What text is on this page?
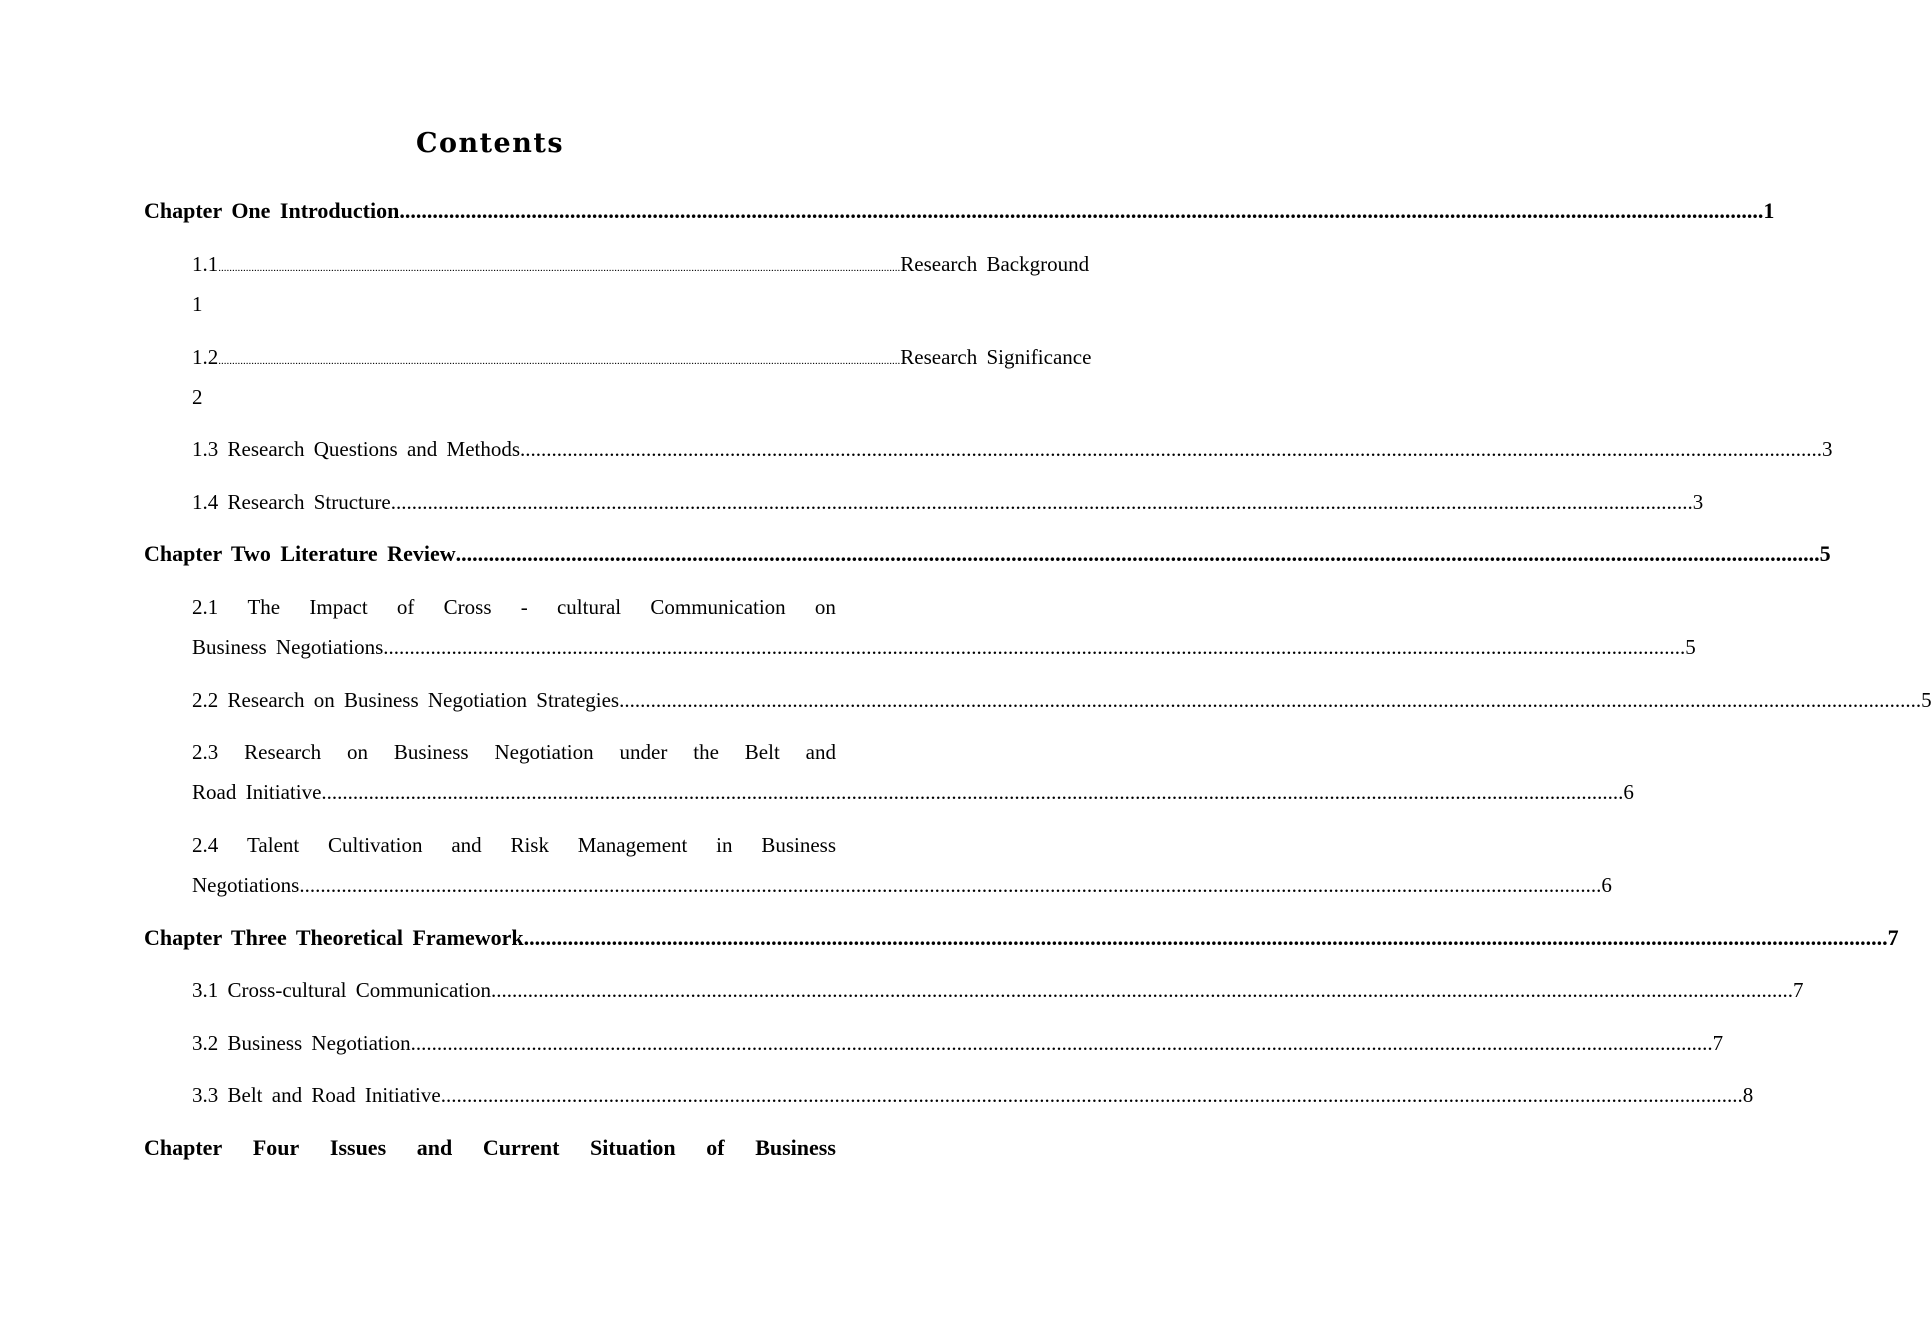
Contents
Chapter One Introduction ........................................................................................................................................................................................................................................................ 1
1.1 ........................................................................................................................................................................................................................................................ Research Background
1
1.2 ........................................................................................................................................................................................................................................................ Research Significance
2
1.3 Research Questions and Methods ........................................................................................................................................................................................................................................................ 3
1.4 Research Structure ........................................................................................................................................................................................................................................................ 3
Chapter Two Literature Review ........................................................................................................................................................................................................................................................ 5
2.1 The Impact of Cross - cultural Communication on
Business Negotiations ........................................................................................................................................................................................................................................................ 5
2.2 Research on Business Negotiation Strategies ........................................................................................................................................................................................................................................................ 5
2.3 Research on Business Negotiation under the Belt and
Road Initiative ........................................................................................................................................................................................................................................................ 6
2.4 Talent Cultivation and Risk Management in Business
Negotiations ........................................................................................................................................................................................................................................................ 6
Chapter Three Theoretical Framework ........................................................................................................................................................................................................................................................ 7
3.1 Cross-cultural Communication ........................................................................................................................................................................................................................................................ 7
3.2 Business Negotiation ........................................................................................................................................................................................................................................................ 7
3.3 Belt and Road Initiative ........................................................................................................................................................................................................................................................ 8
Chapter Four Issues and Current Situation of Business
